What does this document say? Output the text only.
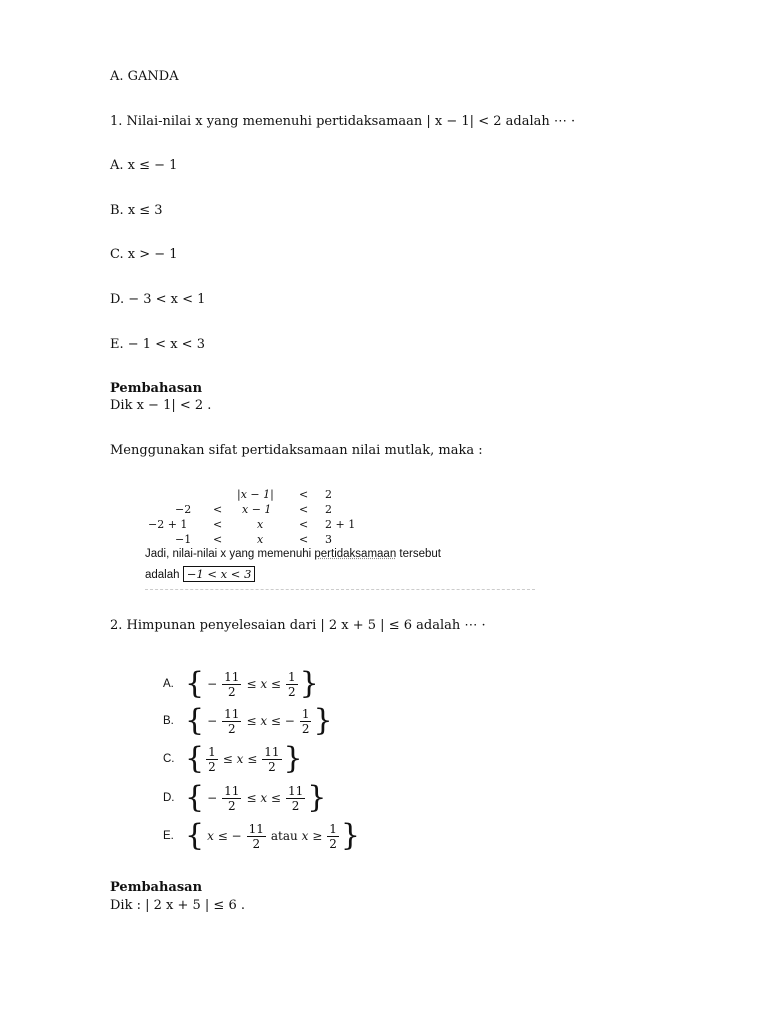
A. GANDA
1. Nilai-nilai x yang memenuhi pertidaksamaan | x − 1| < 2 adalah ⋯ ·
A. x ≤ − 1
B. x ≤ 3
C. x > − 1
D. − 3 < x < 1
E. − 1 < x < 3
Pembahasan
Dik x − 1| < 2 .
Menggunakan sifat pertidaksamaan nilai mutlak, maka :
|x − 1| < 2
−2 < x − 1	< 2
−2 + 1 <	x	< 2 + 1
−1 <	x	< 3
Jadi, nilai-nilai x yang memenuhi pertidaksamaan tersebut
adalah −1 < x < 3
2. Himpunan penyelesaian dari | 2 x + 5 | ≤ 6 adalah ⋯ ·
A. { − $\frac{11}{2} \le x \le \frac{1}{2}$ }
B. { − $\frac{11}{2} \le x$ ≤ − $\frac{1}{2}$ }
C. { $\frac{1}{2} \le x \le \frac{11}{2}$ }
D. { − $\frac{11}{2} \le x \le \frac{11}{2}$ }
E. { x ≤ − $\frac{11}{2}$ atau $x \ge \frac{1}{2}$ }
Pembahasan
Dik : | 2 x + 5 | ≤ 6 .
